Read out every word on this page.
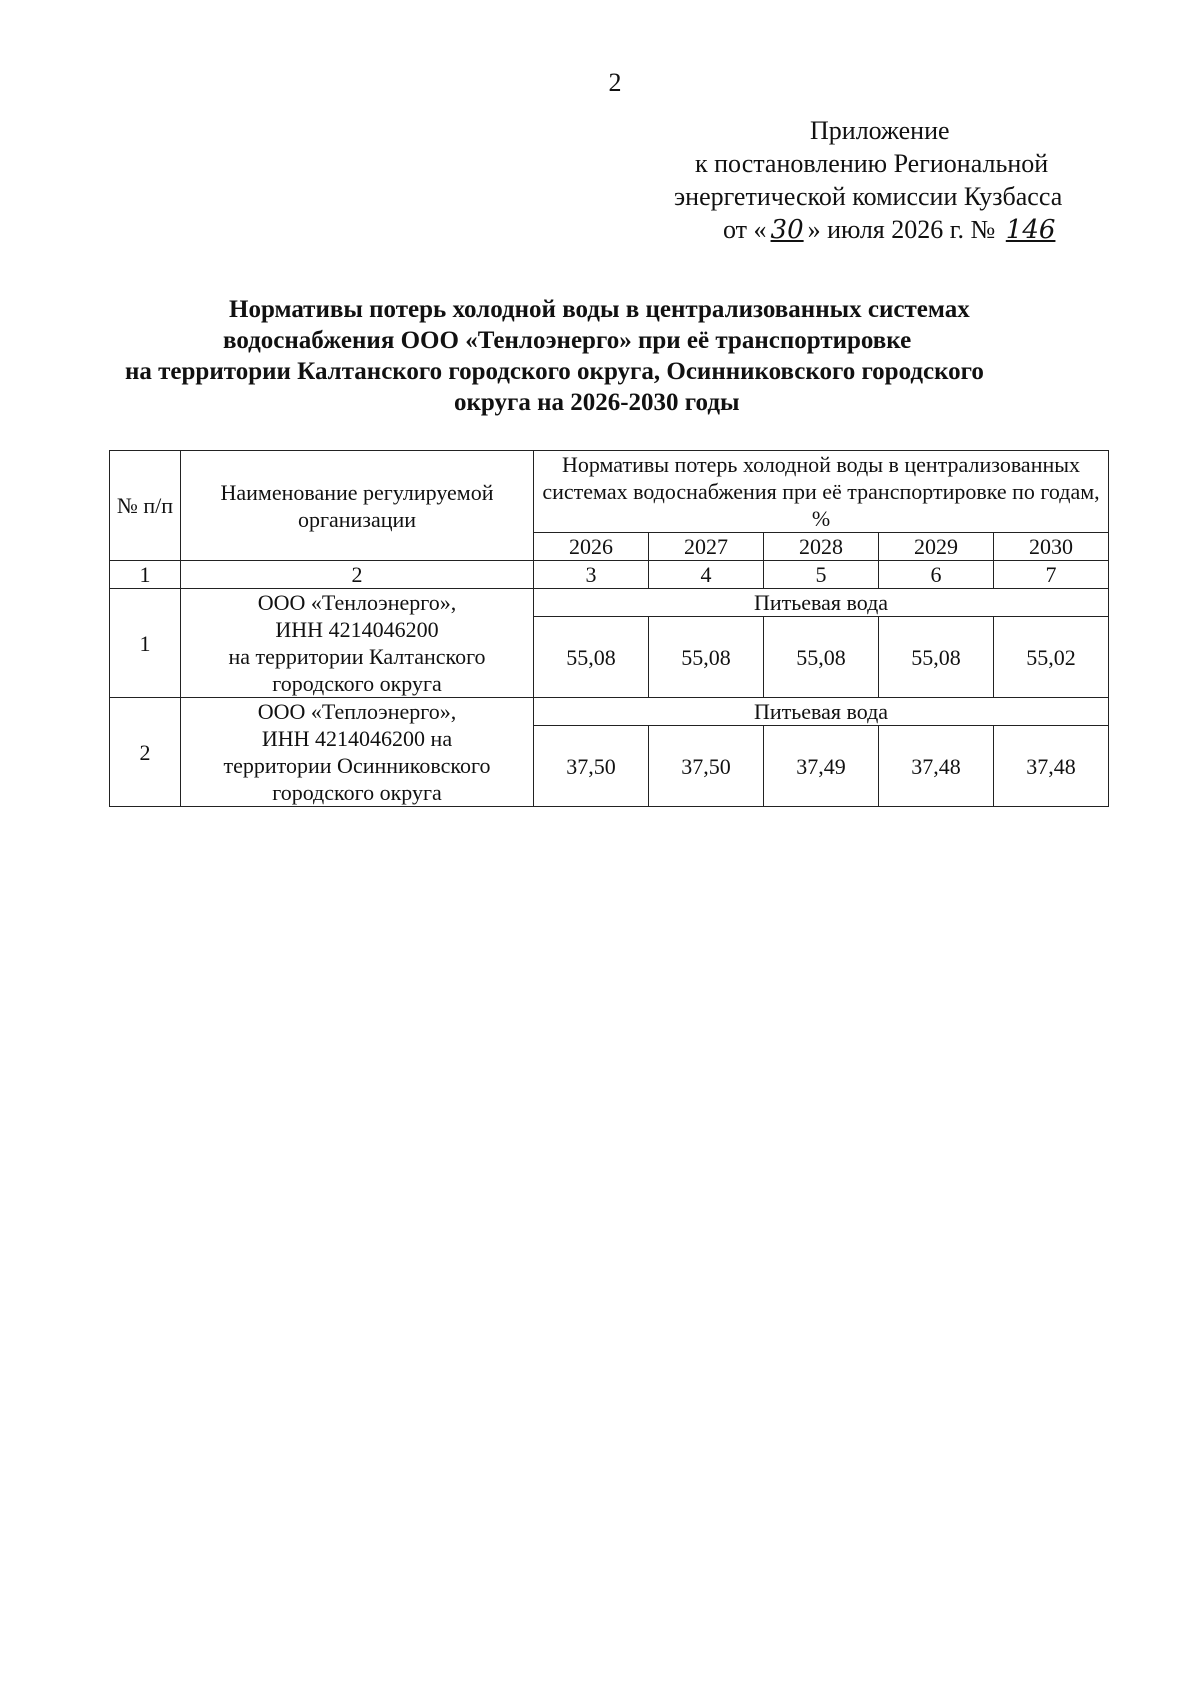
2
Приложение
к постановлению Региональной
энергетической комиссии Кузбасса
от « 30 » июля 2026 г. № 146
Нормативы потерь холодной воды в централизованных системах
водоснабжения ООО «Тенлоэнерго» при её транспортировке
на территории Калтанского городского округа, Осинниковского городского
округа на 2026-2030 годы
№ п/п	Наименование регулируемой организации	Нормативы потерь холодной воды в централизованных системах водоснабжения при её транспортировке по годам, %				
		2026	2027	2028	2029	2030
1	2	3	4	5	6	7
1	ООО «Тенлоэнерго»,
ИНН 4214046200
на территории Калтанского
городского округа	Питьевая вода				
		55,08	55,08	55,08	55,08	55,02
2	ООО «Теплоэнерго»,
ИНН 4214046200 на
территории Осинниковского
городского округа	Питьевая вода				
		37,50	37,50	37,49	37,48	37,48
